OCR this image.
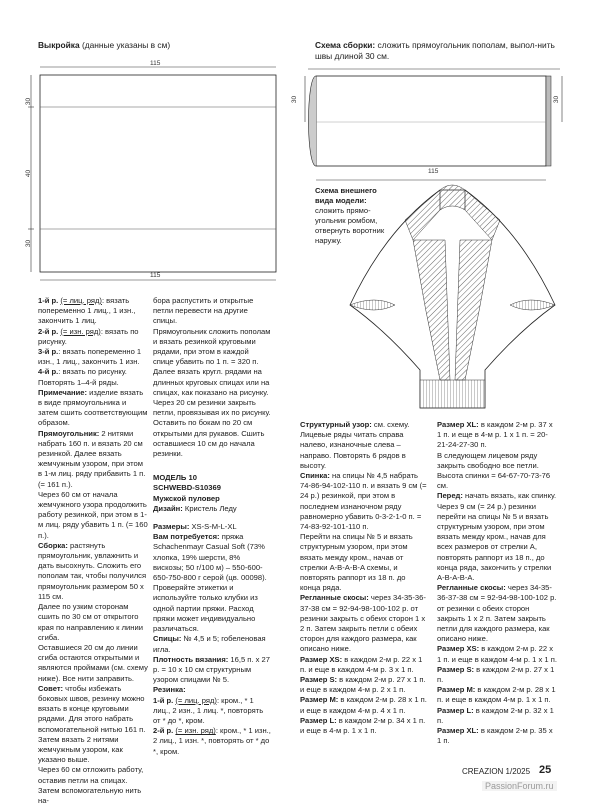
Выкройка (данные указаны в см)
115
115
30
40
30
Схема сборки: сложить прямоугольник пополам, выпол-нить швы длиной 30 см.
30	30
115
Схема внешнего
вида модели:
сложить прямо-
угольник ромбом,
отвернуть воротник
наружу.

1-й р. (= лиц. ряд): вязать попеременно 1 лиц., 1 изн., закончить 1 лиц.

2-й р. (= изн. ряд): вязать по рисунку.

3-й р.: вязать попеременно 1 изн., 1 лиц., закончить 1 изн.

4-й р.: вязать по рисунку.

Повторять 1–4-й ряды.

Примечание: изделие вязать в виде прямоугольника и затем сшить соответствующим образом.

Прямоугольник: 2 нитями набрать 160 п. и вязать 20 см резинкой. Далее вязать жемчужным узором, при этом в 1-м лиц. ряду прибавить 1 п. (= 161 п.).

Через 60 см от начала жемчужного узора продолжить работу резинкой, при этом в 1-м лиц. ряду убавить 1 п. (= 160 п.).

Сборка: растянуть прямоугольник, увлажнить и дать высохнуть. Сложить его пополам так, чтобы получился прямоугольник размером 50 х 115 см.

Далее по узким сторонам сшить по 30 см от открытого края по направлению к линии сгиба.

Оставшиеся 20 см до линии сгиба остаются открытыми и являются проймами (см. схему ниже). Все нити заправить.

Совет: чтобы избежать боковых швов, резинку можно вязать в конце круговыми рядами. Для этого набрать вспомогательной нитью 161 п. Затем вязать 2 нитями жемчужным узором, как указано выше.

Через 60 см отложить работу, оставив петли на спицах. Затем вспомогательную нить на-

бора распустить и открытые петли перевести на другие спицы.

Прямоугольник сложить пополам и вязать резинкой круговыми рядами, при этом в каждой спице убавить по 1 п. = 320 п.

Далее вязать кругл. рядами на длинных круговых спицах или на спицах, как показано на рисунку.

Через 20 см резинки закрыть петли, провязывая их по рисунку.

Оставить по бокам по 20 см открытыми для рукавов. Сшить оставшиеся 10 см до начала резинки.

МОДЕЛЬ 10

SCHWEBD-S10369

Мужской пуловер

Дизайн: Кристель Леду

Размеры: XS-S-M-L-XL

Вам потребуется: пряжа Schachenmayr Casual Soft (73% хлопка, 19% шерсти, 8% вискозы; 50 г/100 м) – 550-600-650-750-800 г серой (цв. 00098).

Проверяйте этикетки и используйте только клубки из одной партии пряжи. Расход пряжи может индивидуально различаться.

Спицы: № 4,5 и 5; гобеленовая игла.

Плотность вязания: 16,5 п. х 27 р. = 10 х 10 см структурным узором спицами № 5.

Резинка:

1-й р. (= лиц. ряд): кром., * 1 лиц., 2 изн., 1 лиц. *, повторять от * до *, кром.

2-й р. (= изн. ряд): кром., * 1 изн., 2 лиц., 1 изн. *, повторять от * до *, кром.

Структурный узор: см. схему. Лицевые ряды читать справа налево, изнаночные слева – направо. Повторять 6 рядов в высоту.

Спинка: на спицы № 4,5 набрать 74-86-94-102-110 п. и вязать 9 см (= 24 р.) резинкой, при этом в последнем изнаночном ряду равномерно убавить 0-3-2-1-0 п. = 74-83-92-101-110 п.

Перейти на спицы № 5 и вязать структурным узором, при этом вязать между кром., начав от стрелки A-B-A-B-A схемы, и повторять раппорт из 18 п. до конца ряда.

Регланные скосы: через 34-35-36-37-38 см = 92-94-98-100-102 р. от резинки закрыть с обеих сторон 1 х 2 п. Затем закрыть петли с обеих сторон для каждого размера, как описано ниже.

Размер XS: в каждом 2-м р. 22 х 1 п. и еще в каждом 4-м р. 3 х 1 п.

Размер S: в каждом 2-м р. 27 х 1 п. и еще в каждом 4-м р. 2 х 1 п.

Размер M: в каждом 2-м р. 28 х 1 п. и еще в каждом 4-м р. 4 х 1 п.

Размер L: в каждом 2-м р. 34 х 1 п. и еще в 4-м р. 1 х 1 п.

Размер XL: в каждом 2-м р. 37 х 1 п. и еще в 4-м р. 1 х 1 п. = 20-21-24-27-30 п.

В следующем лицевом ряду закрыть свободно все петли. Высота спинки = 64-67-70-73-76 см.

Перед: начать вязать, как спинку. Через 9 см (= 24 р.) резинки перейти на спицы № 5 и вязать структурным узором, при этом вязать между кром., начав для всех размеров от стрелки А, повторять раппорт из 18 п., до конца ряда, закончить у стрелки A-B-A-B-A.

Регланные скосы: через 34-35-36-37-38 см = 92-94-98-100-102 р. от резинки с обеих сторон закрыть 1 х 2 п. Затем закрыть петли для каждого размера, как описано ниже.

Размер XS: в каждом 2-м р. 22 х 1 п. и еще в каждом 4-м р. 1 х 1 п.

Размер S: в каждом 2-м р. 27 х 1 п.

Размер M: в каждом 2-м р. 28 х 1 п. и еще в каждом 4-м р. 1 х 1 п.

Размер L: в каждом 2-м р. 32 х 1 п.

Размер XL: в каждом 2-м р. 35 х 1 п.

CREAZION 1/2025 25
PassionForum.ru
